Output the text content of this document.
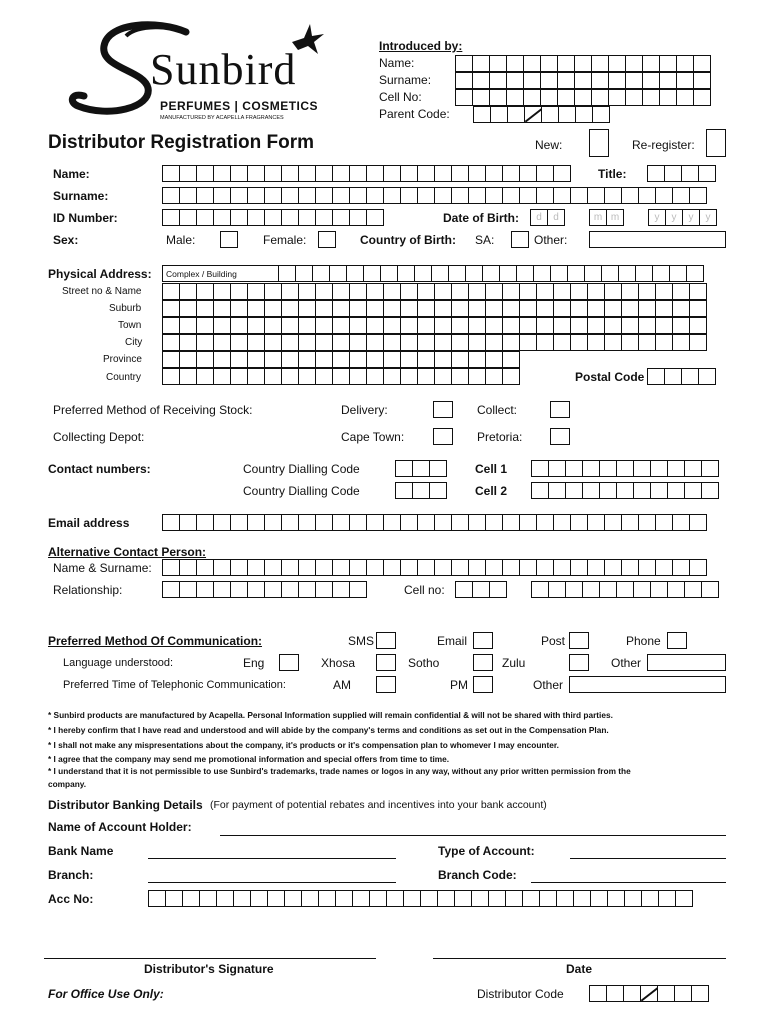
Sunbird
PERFUMES | COSMETICS
MANUFACTURED BY ACAPELLA FRAGRANCES
Introduced by:
Name:
Surname:
Cell No:
Parent Code:
Distributor Registration Form	New:	Re-register:
Name:	Title:
Surname:
ID Number:	Date of Birth:	d	d	m m	y	y	y	y
Sex:	Male:	Female:	Country of Birth: SA:	Other:
Physical Address: Complex / Building
Street no & Name
Suburb
Town
City
Province
Country	Postal Code
Preferred Method of Receiving Stock:	Delivery:	Collect:
Collecting Depot:	Cape Town:	Pretoria:
Contact numbers:	Country Dialling Code	Cell 1
Country Dialling Code	Cell 2
Email address
Alternative Contact Person:
Name & Surname:
Relationship:	Cell no:
Preferred Method Of Communication:	SMS	Email	Post	Phone
Language understood:	Eng	Xhosa	Sotho	Zulu	Other
Preferred Time of Telephonic Communication:	AM	PM	Other
* Sunbird products are manufactured by Acapella. Personal Information supplied will remain confidential & will not be shared with third parties.
* I hereby confirm that I have read and understood and will abide by the company's terms and conditions as set out in the Compensation Plan.
* I shall not make any mispresentations about the company, it's products or it's compensation plan to whomever I may encounter.
* I agree that the company may send me promotional information and special offers from time to time.
* I understand that it is not permissible to use Sunbird's trademarks, trade names or logos in any way, without any prior written permission from the
company.
Distributor Banking Details (For payment of potential rebates and incentives into your bank account)
Name of Account Holder:
Bank Name	Type of Account:
Branch:	Branch Code:
Acc No:
Distributor's Signature	Date
For Office Use Only:	Distributor Code
